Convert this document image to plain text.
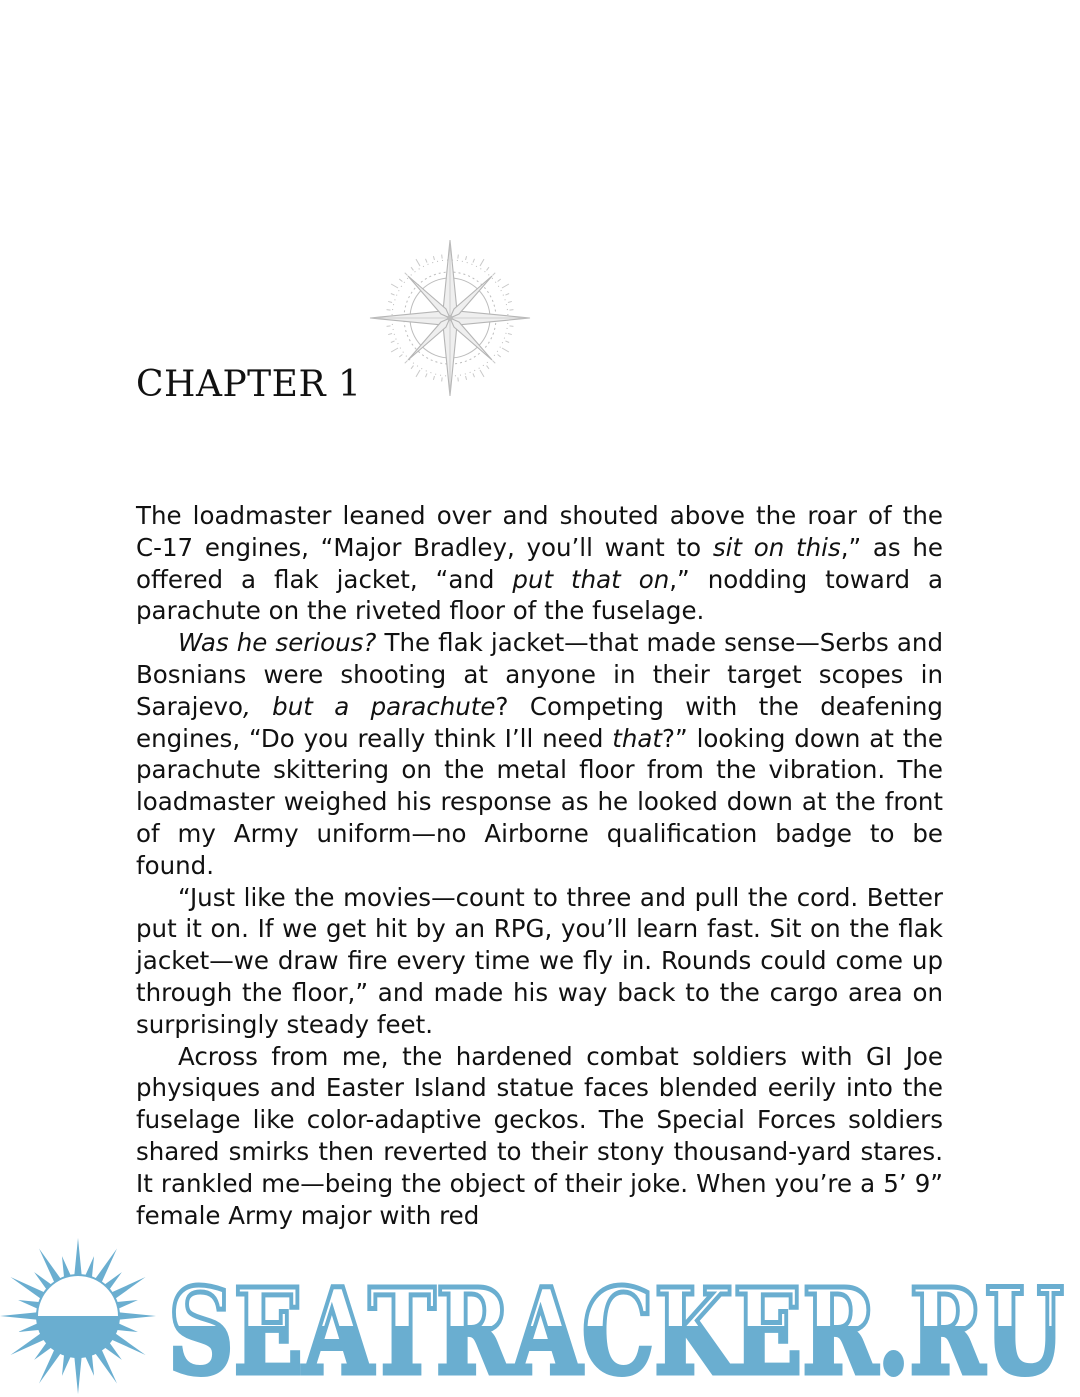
CHAPTER 1

The loadmaster leaned over and shouted above the roar of the C-17 engines, “Major Bradley, you’ll want to sit on this,” as he offered a flak jacket, “and put that on,” nodding toward a parachute on the riveted floor of the fuselage.

Was he serious? The flak jacket—that made sense—Serbs and Bosnians were shooting at anyone in their target scopes in Sarajevo, but a parachute? Competing with the deafening engines, “Do you really think I’ll need that?” looking down at the parachute skittering on the metal floor from the vibration. The loadmaster weighed his response as he looked down at the front of my Army uniform—no Airborne qualification badge to be found.

“Just like the movies—count to three and pull the cord. Better put it on. If we get hit by an RPG, you’ll learn fast. Sit on the flak jacket—we draw fire every time we fly in. Rounds could come up through the floor,” and made his way back to the cargo area on surprisingly steady feet.

Across from me, the hardened combat soldiers with GI Joe physiques and Easter Island statue faces blended eerily into the fuselage like color-adaptive geckos. The Special Forces soldiers shared smirks then reverted to their stony thousand-yard stares. It rankled me—being the object of their joke. When you’re a 5’ 9” female Army major with red

SEATRACKER.RU
